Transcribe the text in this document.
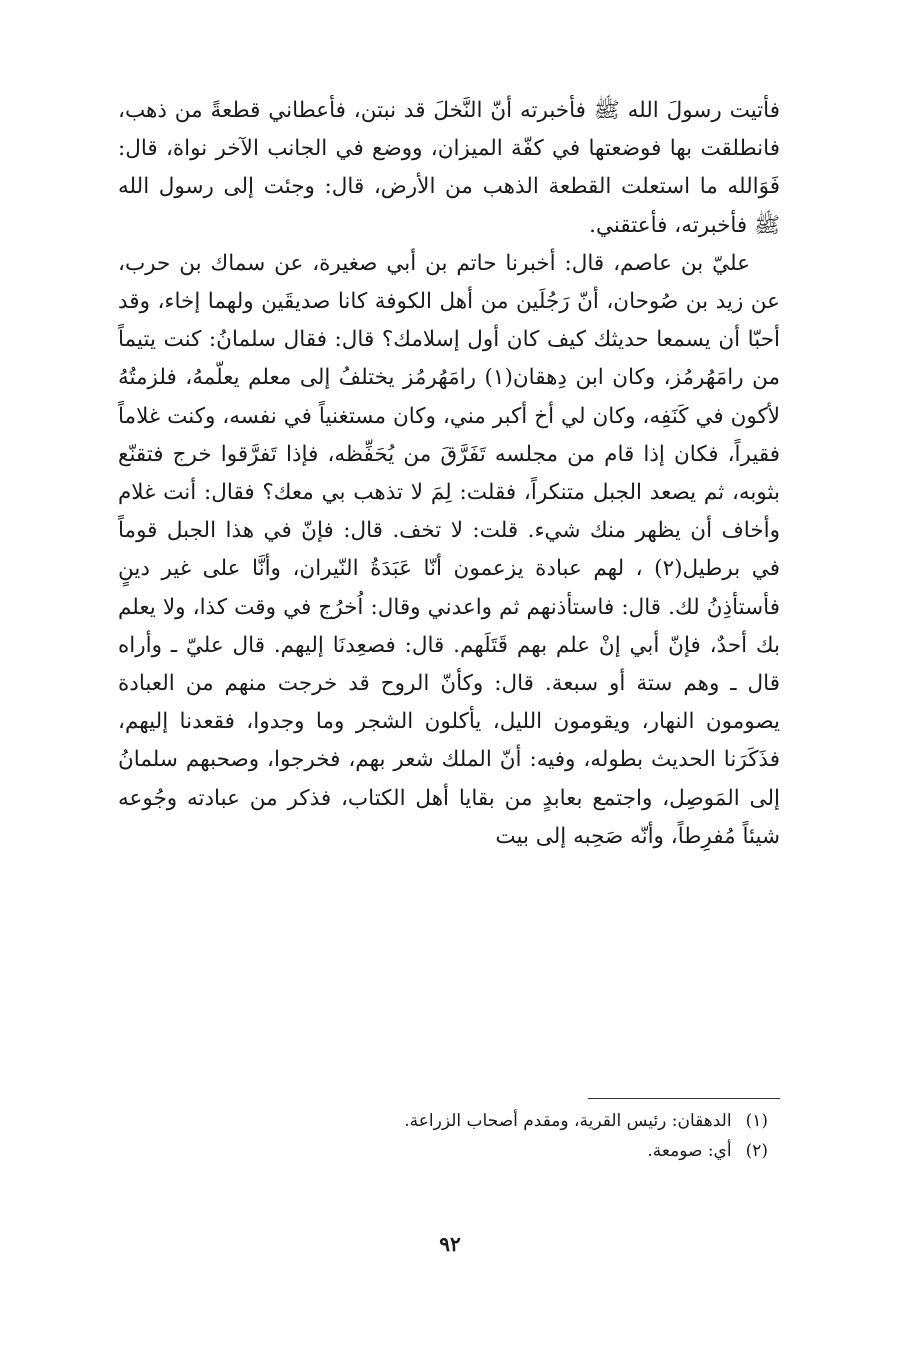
فأتيت رسولَ الله ﷺ فأخبرته أنّ النَّخلَ قد نبتن، فأعطاني قطعةً من ذهب، فانطلقت بها فوضعتها في كفّة الميزان، ووضع في الجانب الآخر نواة، قال: فَوَالله ما استعلت القطعة الذهب من الأرض، قال: وجئت إلى رسول الله ﷺ فأخبرته، فأعتقني.

عليّ بن عاصم، قال: أخبرنا حاتم بن أبي صغيرة، عن سماك بن حرب، عن زيد بن صُوحان، أنّ رَجُلَين من أهل الكوفة كانا صديقَين ولهما إخاء، وقد أحبّا أن يسمعا حديثك كيف كان أول إسلامك؟ قال: فقال سلمانُ: كنت يتيماً من رامَهُرمُز، وكان ابن دِهقان(١) رامَهُرمُز يختلفُ إلى معلم يعلّمهُ، فلزمتُهُ لأكون في كَنَفِه، وكان لي أخ أكبر مني، وكان مستغنياً في نفسه، وكنت غلاماً فقيراً، فكان إذا قام من مجلسه تَفَرَّقَ من يُحَفِّظه، فإذا تَفرَّقوا خرج فتقنّع بثوبه، ثم يصعد الجبل متنكراً، فقلت: لِمَ لا تذهب بي معك؟ فقال: أنت غلام وأخاف أن يظهر منك شيء. قلت: لا تخف. قال: فإنّ في هذا الجبل قوماً في برطيل(٢) ، لهم عبادة يزعمون أنّا عَبَدَةُ النّيران، وأنَّا على غير دينٍ فأستأذِنُ لك. قال: فاستأذنهم ثم واعدني وقال: اُخرُج في وقت كذا، ولا يعلم بك أحدٌ، فإنّ أبي إنْ علم بهم قَتَلَهم. قال: فصعِدنَا إليهم. قال عليّ ـ وأراه قال ـ وهم ستة أو سبعة. قال: وكأنّ الروح قد خرجت منهم من العبادة يصومون النهار، ويقومون الليل، يأكلون الشجر وما وجدوا، فقعدنا إليهم، فذَكَرَنا الحديث بطوله، وفيه: أنّ الملك شعر بهم، فخرجوا، وصحبهم سلمانُ إلى المَوصِل، واجتمع بعابدٍ من بقايا أهل الكتاب، فذكر من عبادته وجُوعه شيئاً مُفرِطاً، وأنّه صَحِبه إلى بيت

(١)الدهقان: رئيس القرية، ومقدم أصحاب الزراعة.
(٢)أي: صومعة.
٩٢
